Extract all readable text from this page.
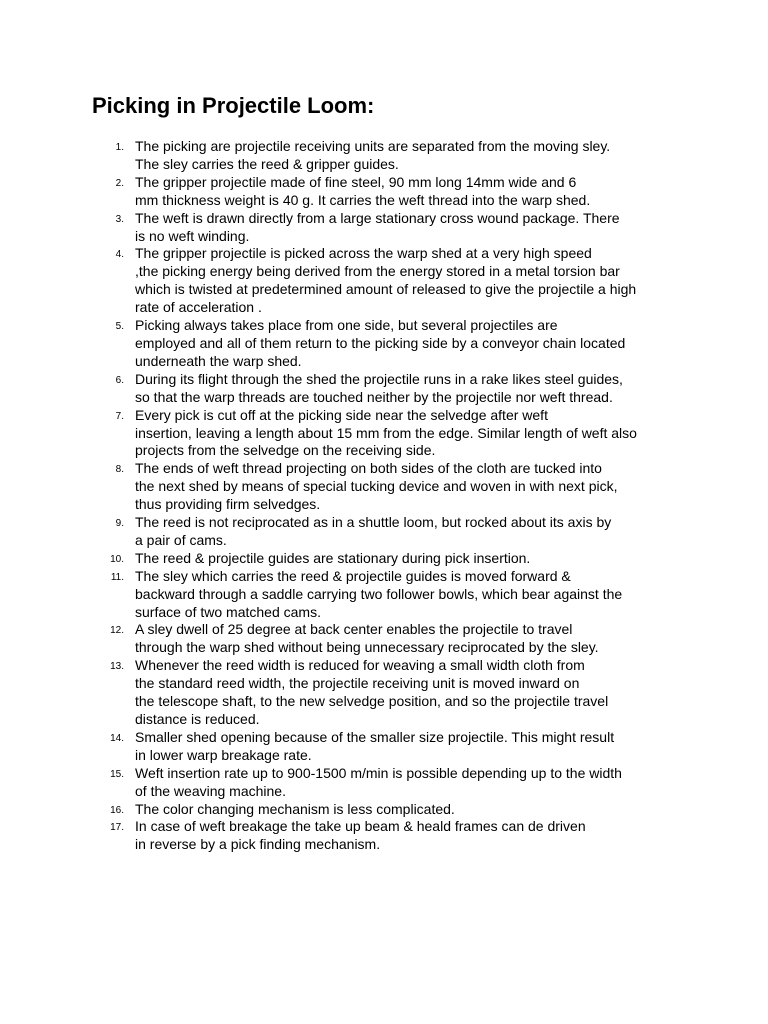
Picking in Projectile Loom:
1. The picking are projectile receiving units are separated from the moving sley.
The sley carries the reed & gripper guides.
2. The gripper projectile made of fine steel, 90 mm long 14mm wide and 6
mm thickness weight is 40 g. It carries the weft thread into the warp shed.
3. The weft is drawn directly from a large stationary cross wound package. There
is no weft winding.
4. The gripper projectile is picked across the warp shed at a very high speed
,the picking energy being derived from the energy stored in a metal torsion bar
which is twisted at predetermined amount of released to give the projectile a high
rate of acceleration .
5. Picking always takes place from one side, but several projectiles are
employed and all of them return to the picking side by a conveyor chain located
underneath the warp shed.
6. During its flight through the shed the projectile runs in a rake likes steel guides,
so that the warp threads are touched neither by the projectile nor weft thread.
7. Every pick is cut off at the picking side near the selvedge after weft
insertion, leaving a length about 15 mm from the edge. Similar length of weft also
projects from the selvedge on the receiving side.
8. The ends of weft thread projecting on both sides of the cloth are tucked into
the next shed by means of special tucking device and woven in with next pick,
thus providing firm selvedges.
9. The reed is not reciprocated as in a shuttle loom, but rocked about its axis by
a pair of cams.
10. The reed & projectile guides are stationary during pick insertion.
11. The sley which carries the reed & projectile guides is moved forward &
backward through a saddle carrying two follower bowls, which bear against the
surface of two matched cams.
12. A sley dwell of 25 degree at back center enables the projectile to travel
through the warp shed without being unnecessary reciprocated by the sley.
13. Whenever the reed width is reduced for weaving a small width cloth from
the standard reed width, the projectile receiving unit is moved inward on
the telescope shaft, to the new selvedge position, and so the projectile travel
distance is reduced.
14. Smaller shed opening because of the smaller size projectile. This might result
in lower warp breakage rate.
15. Weft insertion rate up to 900-1500 m/min is possible depending up to the width
of the weaving machine.
16. The color changing mechanism is less complicated.
17. In case of weft breakage the take up beam & heald frames can de driven
in reverse by a pick finding mechanism.
